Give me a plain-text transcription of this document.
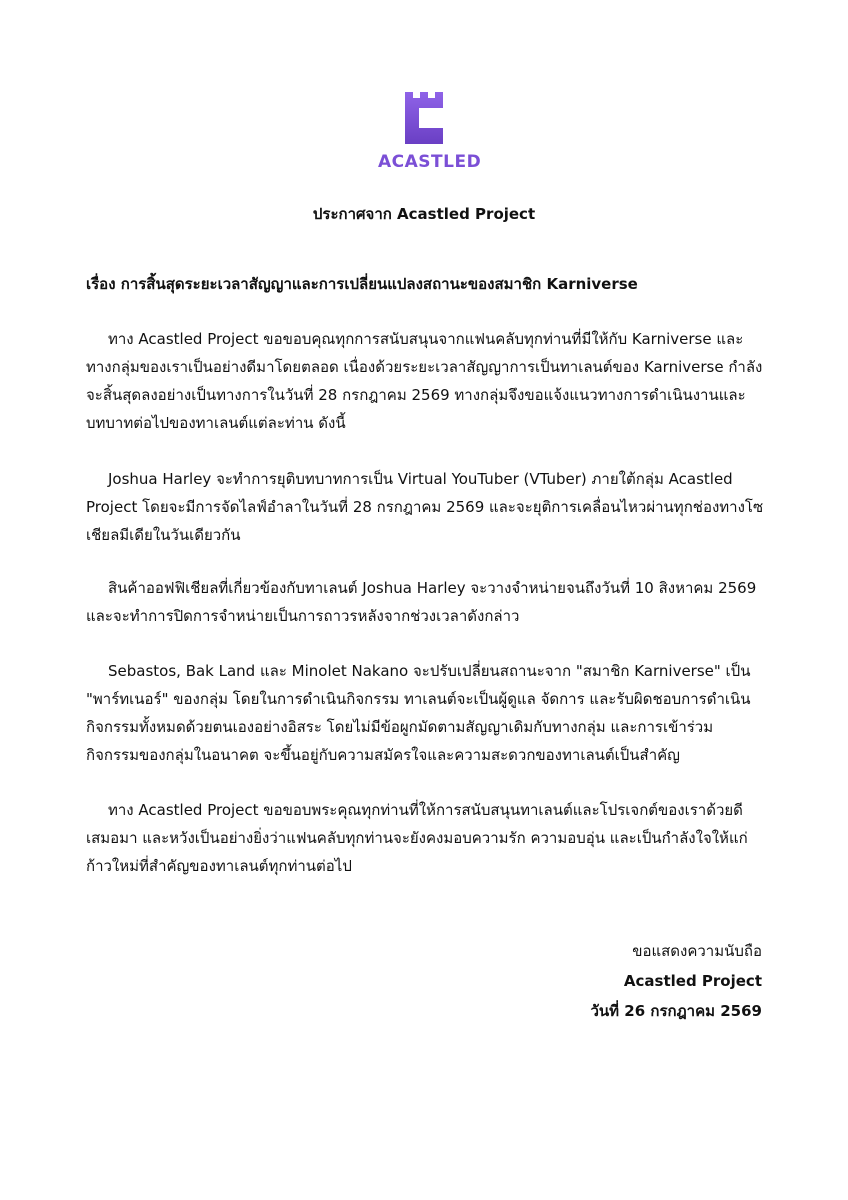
ACASTLED
ประกาศจาก Acastled Project
เรื่อง การสิ้นสุดระยะเวลาสัญญาและการเปลี่ยนแปลงสถานะของสมาชิก Karniverse
ทาง Acastled Project ขอขอบคุณทุกการสนับสนุนจากแฟนคลับทุกท่านที่มีให้กับ Karniverse และทางกลุ่มของเราเป็นอย่างดีมาโดยตลอด เนื่องด้วยระยะเวลาสัญญาการเป็นทาเลนต์ของ Karniverse กำลังจะสิ้นสุดลงอย่างเป็นทางการในวันที่ 28 กรกฎาคม 2569 ทางกลุ่มจึงขอแจ้งแนวทางการดำเนินงานและบทบาทต่อไปของทาเลนต์แต่ละท่าน ดังนี้
Joshua Harley จะทำการยุติบทบาทการเป็น Virtual YouTuber (VTuber) ภายใต้กลุ่ม Acastled Project โดยจะมีการจัดไลฟ์อำลาในวันที่ 28 กรกฎาคม 2569 และจะยุติการเคลื่อนไหวผ่านทุกช่องทางโซเชียลมีเดียในวันเดียวกัน
สินค้าออฟฟิเชียลที่เกี่ยวข้องกับทาเลนต์ Joshua Harley จะวางจำหน่ายจนถึงวันที่ 10 สิงหาคม 2569 และจะทำการปิดการจำหน่ายเป็นการถาวรหลังจากช่วงเวลาดังกล่าว
Sebastos, Bak Land และ Minolet Nakano จะปรับเปลี่ยนสถานะจาก "สมาชิก Karniverse" เป็น "พาร์ทเนอร์" ของกลุ่ม โดยในการดำเนินกิจกรรม ทาเลนต์จะเป็นผู้ดูแล จัดการ และรับผิดชอบการดำเนินกิจกรรมทั้งหมดด้วยตนเองอย่างอิสระ โดยไม่มีข้อผูกมัดตามสัญญาเดิมกับทางกลุ่ม และการเข้าร่วมกิจกรรมของกลุ่มในอนาคต จะขึ้นอยู่กับความสมัครใจและความสะดวกของทาเลนต์เป็นสำคัญ
ทาง Acastled Project ขอขอบพระคุณทุกท่านที่ให้การสนับสนุนทาเลนต์และโปรเจกต์ของเราด้วยดีเสมอมา และหวังเป็นอย่างยิ่งว่าแฟนคลับทุกท่านจะยังคงมอบความรัก ความอบอุ่น และเป็นกำลังใจให้แก่ก้าวใหม่ที่สำคัญของทาเลนต์ทุกท่านต่อไป
ขอแสดงความนับถือ
Acastled Project
วันที่ 26 กรกฎาคม 2569
